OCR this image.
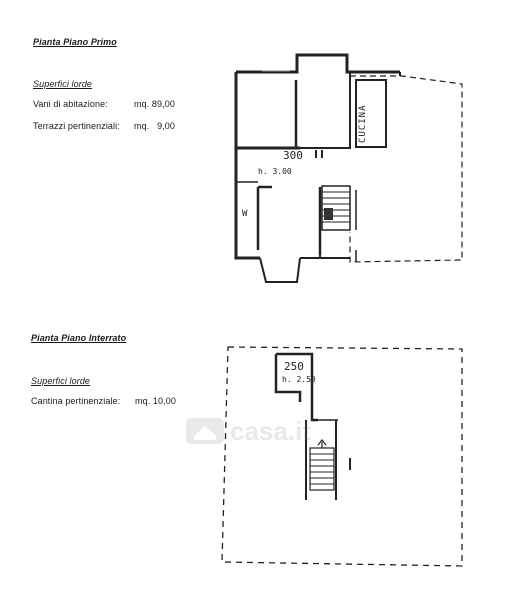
Pianta Piano Primo
Superfici lorde
Vani di abitazione:	mq. 89,00
Terrazzi pertinenziali: mq.   9,00
Pianta Piano Interrato
Superfici lorde
Cantina pertinenziale: mq. 10,00
CUCINA
300
h. 3.00
W
250
h. 2.50
casa.it
